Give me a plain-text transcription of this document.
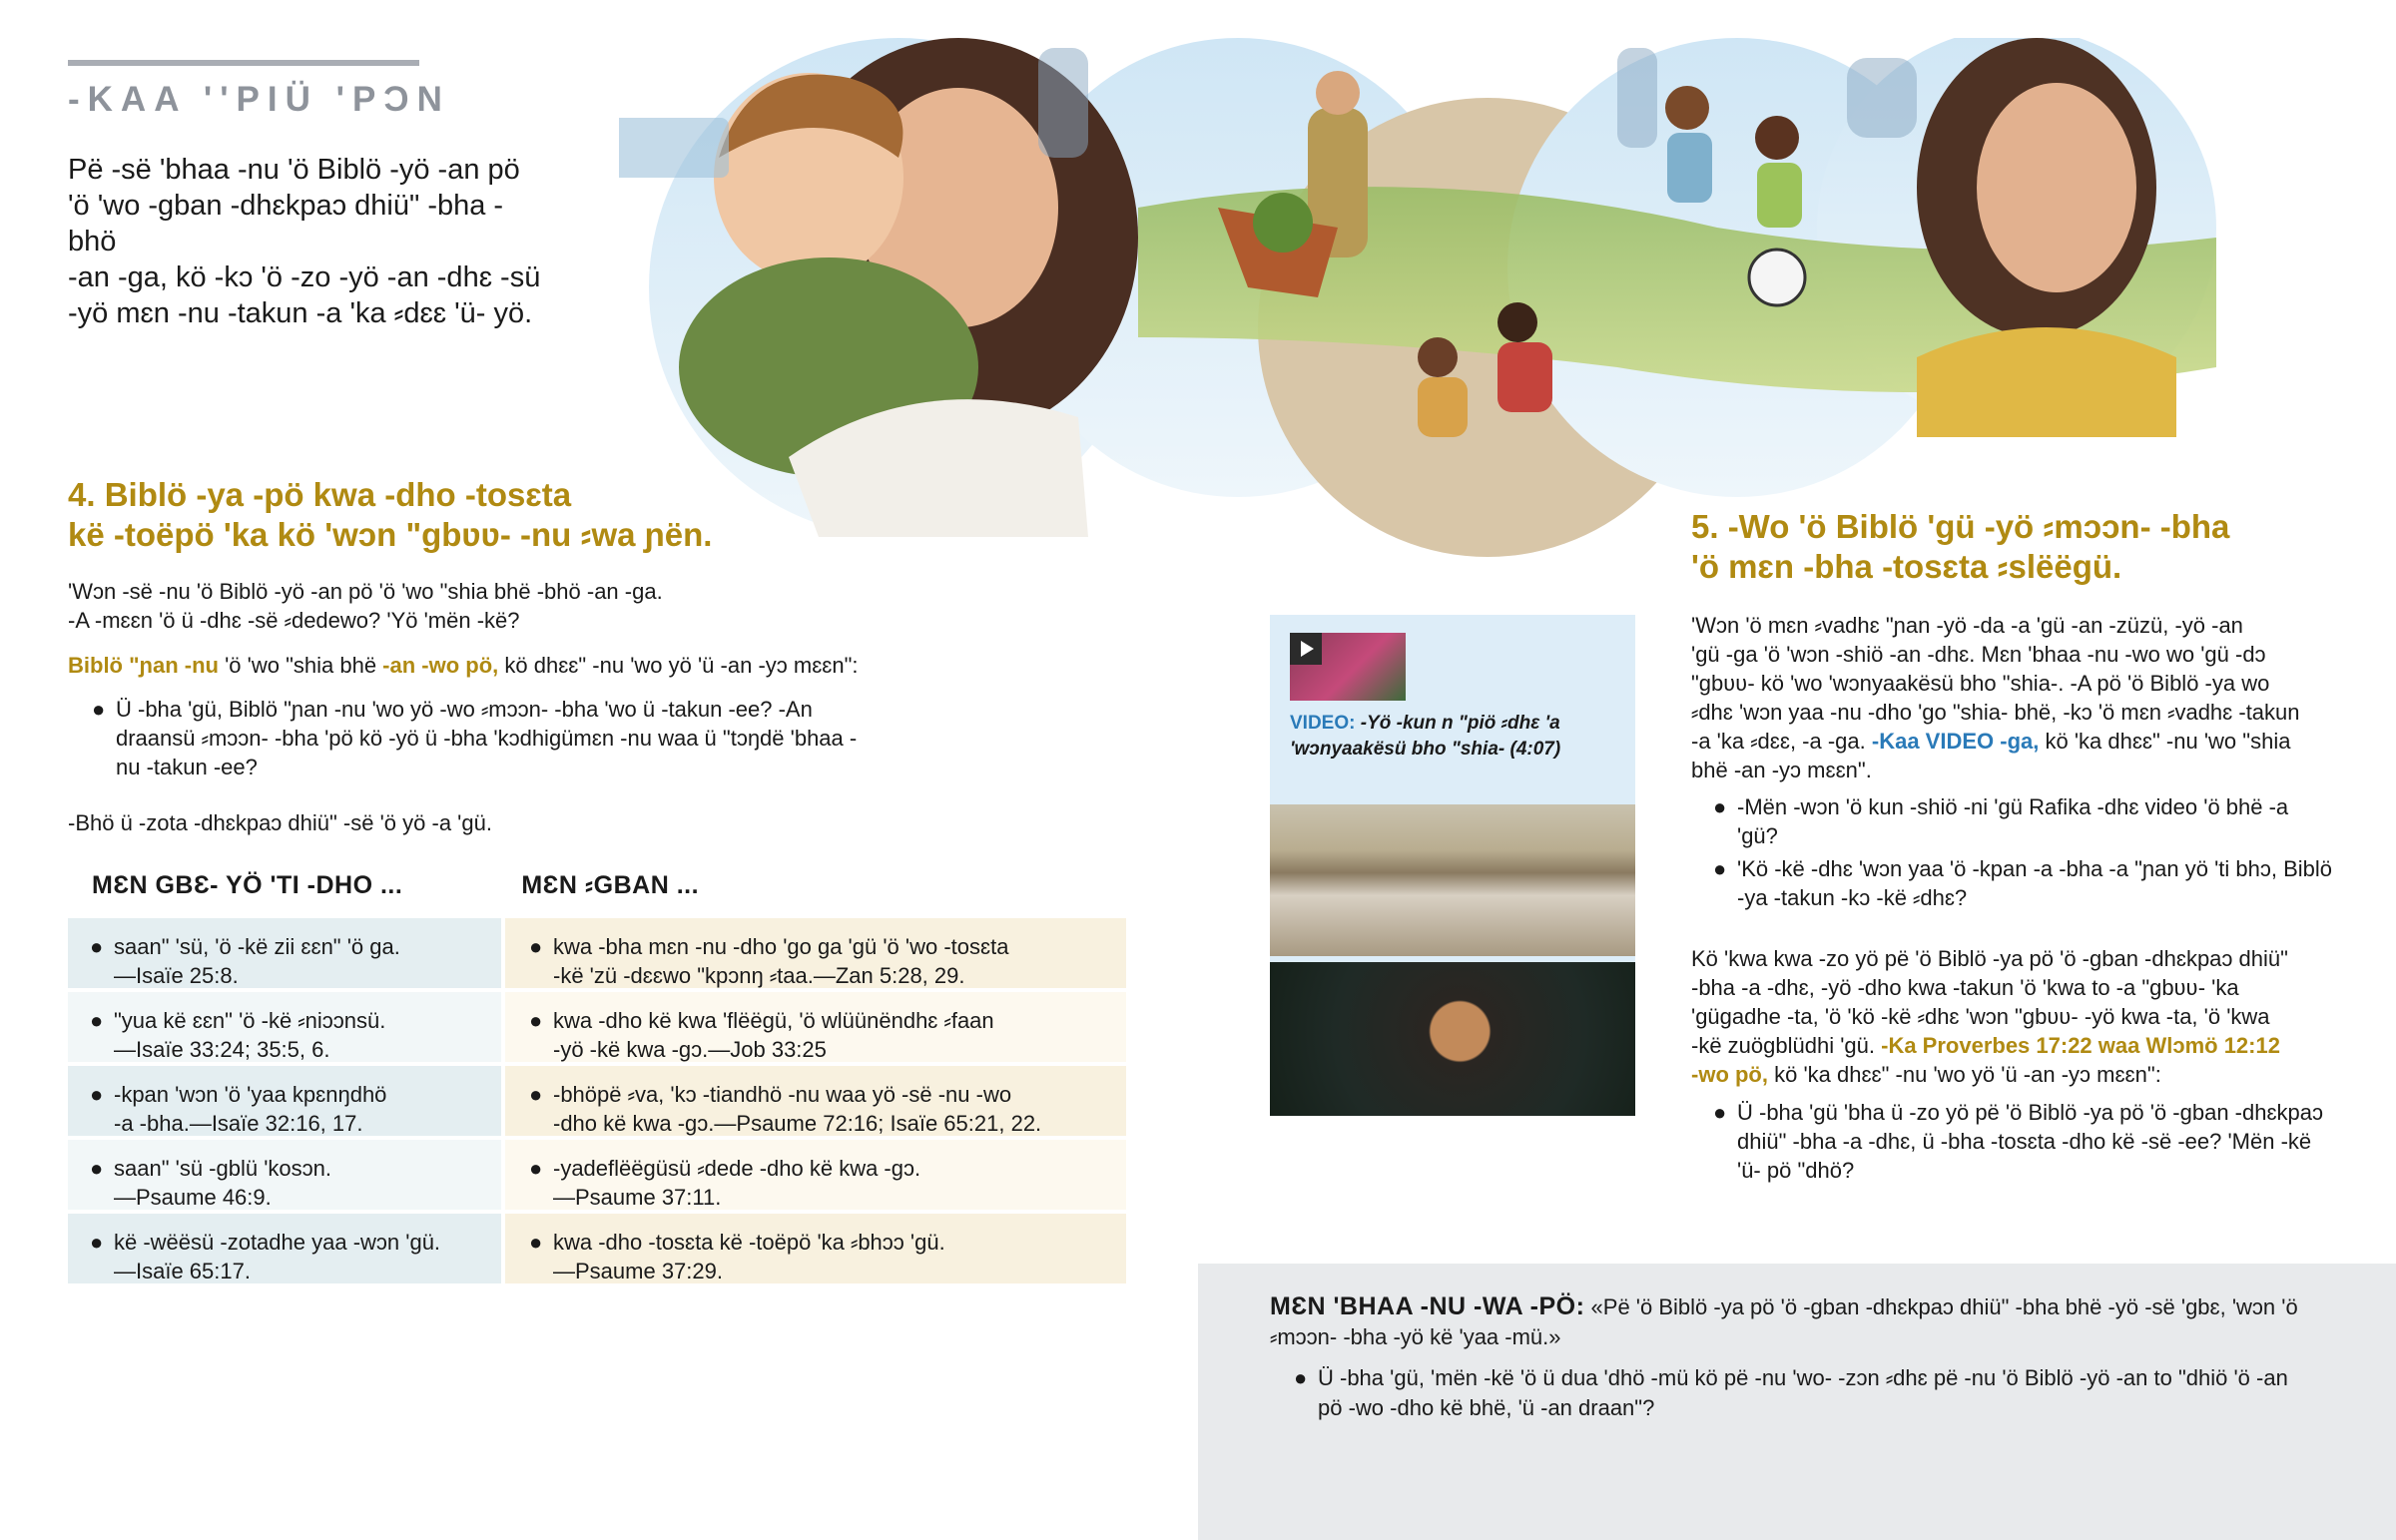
-KAA ''PIÜ 'PƆN

Pë -së 'bhaa -nu 'ö Biblö -yö -an pö

'ö 'wo -gban -dhɛkpaɔ dhiü" -bha -bhö

-an -ga, kö -kɔ 'ö -zo -yö -an -dhɛ -sü

-yö mɛn -nu -takun -a 'ka ⸗dɛɛ 'ü- yö.

4. Biblö -ya -pö kwa -dho -tosɛta
kë -toëpö 'ka kö 'wɔn "gbʋʋ- -nu ⸗wa ɲën.

'Wɔn -së -nu 'ö Biblö -yö -an pö 'ö 'wo "shia bhë -bhö -an -ga.

-A -mɛɛn 'ö ü -dhɛ -së ⸗dedewo? 'Yö 'mën -kë?

Biblö "ɲan -nu 'ö 'wo "shia bhë -an -wo pö, kö dhɛɛ" -nu 'wo yö 'ü -an -yɔ mɛɛn":
● Ü -bha 'gü, Biblö "ɲan -nu 'wo yö -wo ⸗mɔɔn- -bha 'wo ü -takun -ee? -An draansü ⸗mɔɔn- -bha 'pö kö -yö ü -bha 'kɔdhigümɛn -nu waa ü "tɔŋdë 'bhaa -nu -takun -ee?
-Bhö ü -zota -dhɛkpaɔ dhiü" -së 'ö yö -a 'gü.
MƐN GBƐ- YÖ 'TI -DHO ...	MƐN ⸗GBAN ...
● saan" 'sü, 'ö -kë zii ɛɛn" 'ö ga.
—Isaïe 25:8.
● kwa -bha mɛn -nu -dho 'go ga 'gü 'ö 'wo -tosɛta
-kë 'zü -dɛɛwo "kpɔnŋ ⸗taa.—Zan 5:28, 29.
● "yua kë ɛɛn" 'ö -kë ⸗niɔɔnsü.
—Isaïe 33:24; 35:5, 6.
● kwa -dho kë kwa 'flëëgü, 'ö wlüünëndhɛ ⸗faan
-yö -kë kwa -gɔ.—Job 33:25
● -kpan 'wɔn 'ö 'yaa kpɛnŋdhö
-a -bha.—Isaïe 32:16, 17.
● -bhöpë ⸗va, 'kɔ -tiandhö -nu waa yö -së -nu -wo
-dho kë kwa -gɔ.—Psaume 72:16; Isaïe 65:21, 22.
● saan" 'sü -gblü 'kosɔn.
—Psaume 46:9.
● -yadeflëëgüsü ⸗dede -dho kë kwa -gɔ.
—Psaume 37:11.
● kë -wëësü -zotadhe yaa -wɔn 'gü.
—Isaïe 65:17.
● kwa -dho -tosɛta kë -toëpö 'ka ⸗bhɔɔ 'gü.
—Psaume 37:29.
VIDEO: -Yö -kun n "piö ⸗dhɛ 'a
'wɔnyaakësü bho "shia- (4:07)
5. -Wo 'ö Biblö 'gü -yö ⸗mɔɔn- -bha
'ö mɛn -bha -tosɛta ⸗slëëgü.

'Wɔn 'ö mɛn ⸗vadhɛ "ɲan -yö -da -a 'gü -an -züzü, -yö -an

'gü -ga 'ö 'wɔn -shiö -an -dhɛ. Mɛn 'bhaa -nu -wo wo 'gü -dɔ

"gbʋʋ- kö 'wo 'wɔnyaakësü bho "shia-. -A pö 'ö Biblö -ya wo

⸗dhɛ 'wɔn yaa -nu -dho 'go "shia- bhë, -kɔ 'ö mɛn ⸗vadhɛ -takun

-a 'ka ⸗dɛɛ, -a -ga. -Kaa VIDEO -ga, kö 'ka dhɛɛ" -nu 'wo "shia

bhë -an -yɔ mɛɛn".

● -Mën -wɔn 'ö kun -shiö -ni 'gü Rafika -dhɛ video 'ö bhë -a 'gü?
● 'Kö -kë -dhɛ 'wɔn yaa 'ö -kpan -a -bha -a "ɲan yö 'ti bhɔ, Biblö -ya -takun -kɔ -kë ⸗dhɛ?

Kö 'kwa kwa -zo yö pë 'ö Biblö -ya pö 'ö -gban -dhɛkpaɔ dhiü"

-bha -a -dhɛ, -yö -dho kwa -takun 'ö 'kwa to -a "gbʋʋ- 'ka

'gügadhe -ta, 'ö 'kö -kë ⸗dhɛ 'wɔn "gbʋʋ- -yö kwa -ta, 'ö 'kwa

-kë zuögblüdhi 'gü. -Ka Proverbes 17:22 waa Wlɔmö 12:12

-wo pö, kö 'ka dhɛɛ" -nu 'wo yö 'ü -an -yɔ mɛɛn":

● Ü -bha 'gü 'bha ü -zo yö pë 'ö Biblö -ya pö 'ö -gban -dhɛkpaɔ dhiü" -bha -a -dhɛ, ü -bha -tosɛta -dho kë -së -ee? 'Mën -kë 'ü- pö "dhö?
MƐN 'BHAA -NU -WA -PÖ: «Pë 'ö Biblö -ya pö 'ö -gban -dhɛkpaɔ dhiü" -bha bhë -yö -së 'gbɛ, 'wɔn 'ö ⸗mɔɔn- -bha -yö kë 'yaa -mü.»
● Ü -bha 'gü, 'mën -kë 'ö ü dua 'dhö -mü kö pë -nu 'wo- -zɔn ⸗dhɛ pë -nu 'ö Biblö -yö -an to "dhiö 'ö -an pö -wo -dho kë bhë, 'ü -an draan"?
